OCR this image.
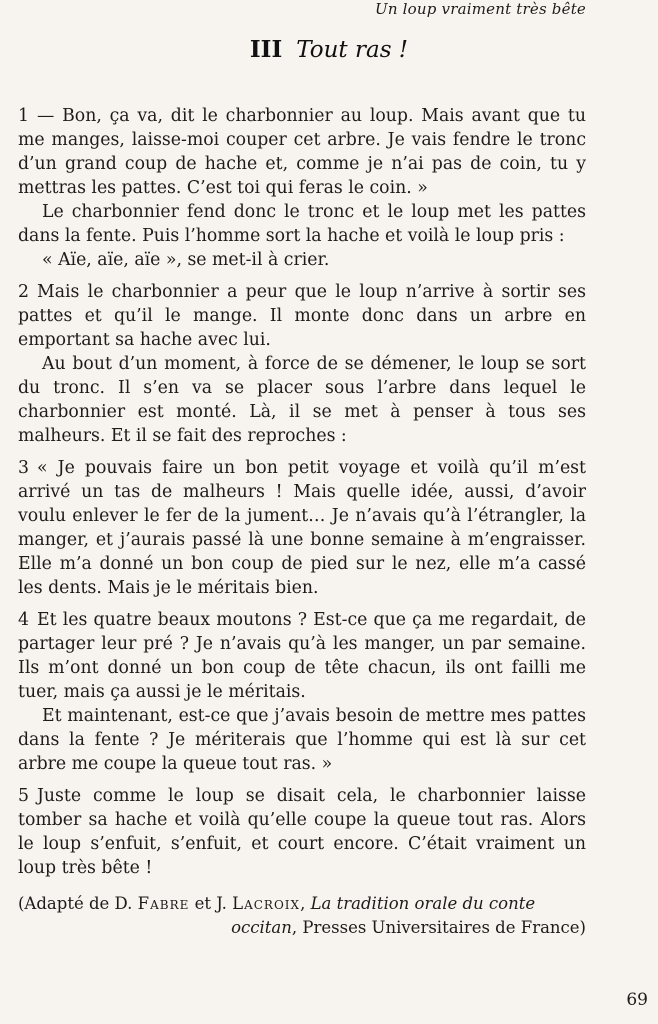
Un loup vraiment très bête
III Tout ras !

1 — Bon, ça va, dit le charbonnier au loup. Mais avant que tu me manges, laisse-moi couper cet arbre. Je vais fendre le tronc d’un grand coup de hache et, comme je n’ai pas de coin, tu y mettras les pattes. C’est toi qui feras le coin. »

Le charbonnier fend donc le tronc et le loup met les pattes dans la fente. Puis l’homme sort la hache et voilà le loup pris :

« Aïe, aïe, aïe », se met-il à crier.

2 Mais le charbonnier a peur que le loup n’arrive à sortir ses pattes et qu’il le mange. Il monte donc dans un arbre en emportant sa hache avec lui.

Au bout d’un moment, à force de se démener, le loup se sort du tronc. Il s’en va se placer sous l’arbre dans lequel le charbonnier est monté. Là, il se met à penser à tous ses malheurs. Et il se fait des reproches :

3 « Je pouvais faire un bon petit voyage et voilà qu’il m’est arrivé un tas de malheurs ! Mais quelle idée, aussi, d’avoir voulu enlever le fer de la jument… Je n’avais qu’à l’étrangler, la manger, et j’aurais passé là une bonne semaine à m’engraisser. Elle m’a donné un bon coup de pied sur le nez, elle m’a cassé les dents. Mais je le méritais bien.

4 Et les quatre beaux moutons ? Est-ce que ça me regardait, de partager leur pré ? Je n’avais qu’à les manger, un par semaine. Ils m’ont donné un bon coup de tête chacun, ils ont failli me tuer, mais ça aussi je le méritais.

Et maintenant, est-ce que j’avais besoin de mettre mes pattes dans la fente ? Je mériterais que l’homme qui est là sur cet arbre me coupe la queue tout ras. »

5 Juste comme le loup se disait cela, le charbonnier laisse tomber sa hache et voilà qu’elle coupe la queue tout ras. Alors le loup s’enfuit, s’enfuit, et court encore. C’était vraiment un loup très bête !

(Adapté de D. Fabre et J. Lacroix, La tradition orale du conte
occitan, Presses Universitaires de France)
69
